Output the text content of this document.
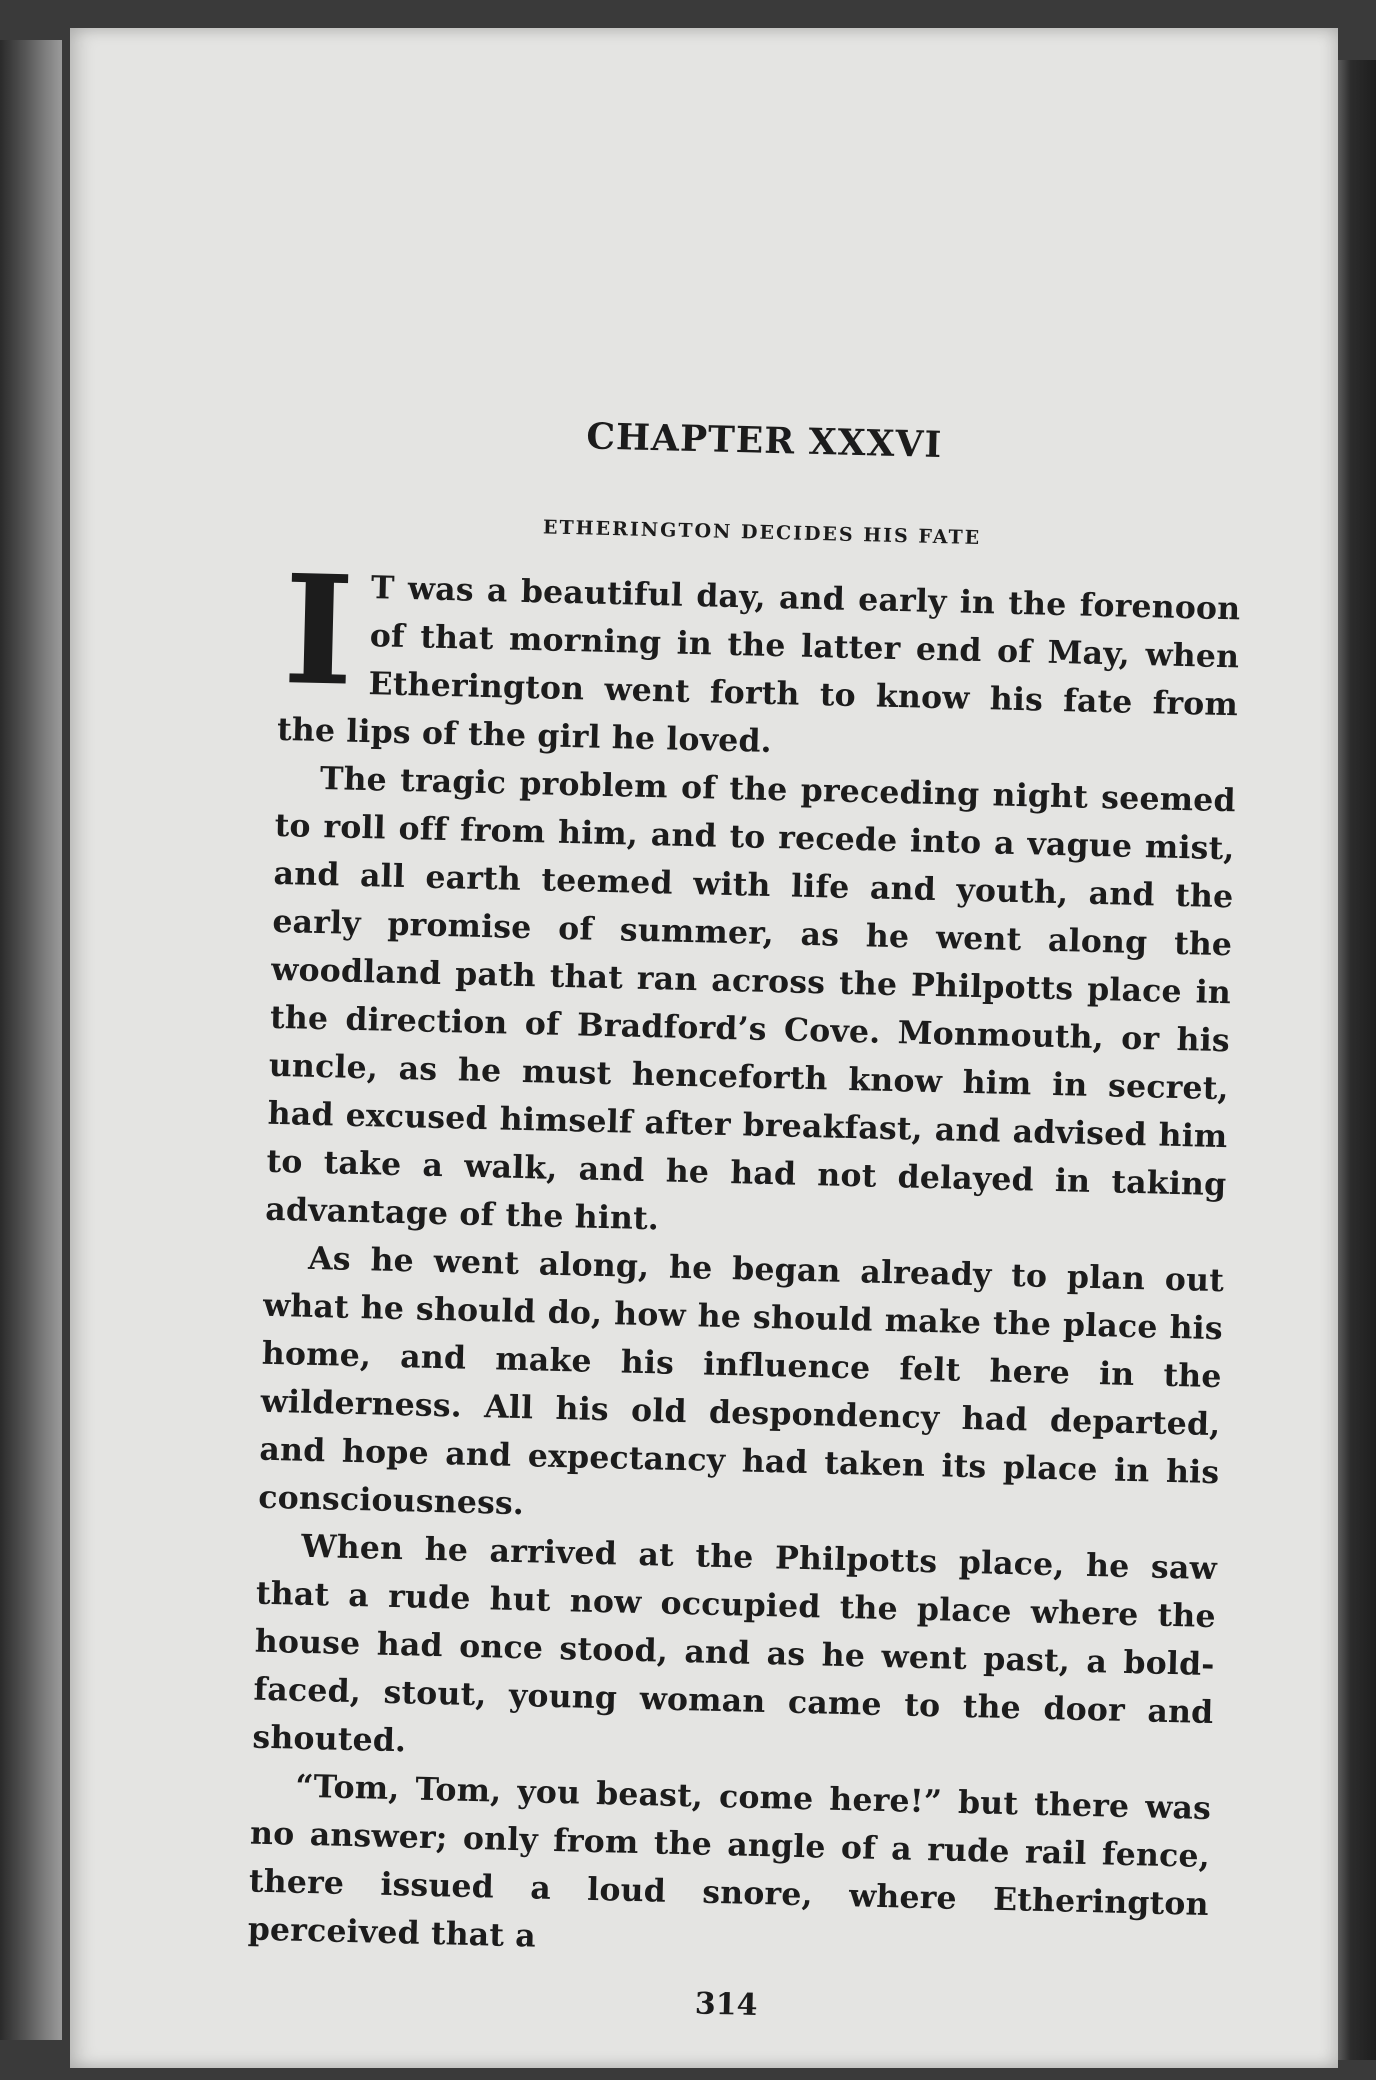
CHAPTER XXXVI
ETHERINGTON DECIDES HIS FATE

I T was a beautiful day, and early in the forenoon of that morning in the latter end of May, when Etherington went forth to know his fate from the lips of the girl he loved.

The tragic problem of the preceding night seemed to roll off from him, and to recede into a vague mist, and all earth teemed with life and youth, and the early promise of summer, as he went along the woodland path that ran across the Philpotts place in the direction of Bradford’s Cove. Monmouth, or his uncle, as he must henceforth know him in secret, had excused himself after breakfast, and advised him to take a walk, and he had not delayed in taking advantage of the hint.

As he went along, he began already to plan out what he should do, how he should make the place his home, and make his influence felt here in the wilderness. All his old despondency had departed, and hope and expectancy had taken its place in his consciousness.

When he arrived at the Philpotts place, he saw that a rude hut now occupied the place where the house had once stood, and as he went past, a bold-faced, stout, young woman came to the door and shouted.

“Tom, Tom, you beast, come here!” but there was no answer; only from the angle of a rude rail fence, there issued a loud snore, where Etherington perceived that a

314
